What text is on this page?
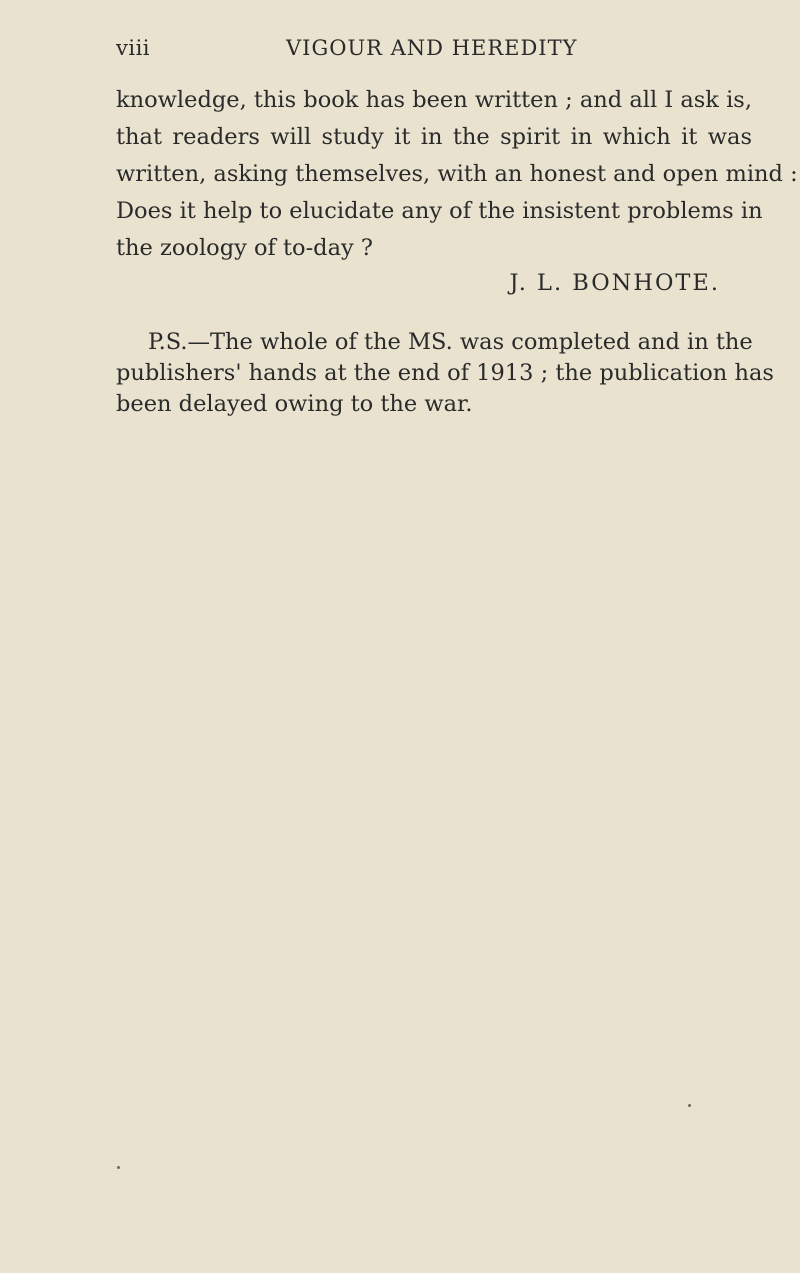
viii	VIGOUR AND HEREDITY
knowledge, this book has been written ; and all I ask is,
that readers will study it in the spirit in which it was
written, asking themselves, with an honest and open mind :
Does it help to elucidate any of the insistent problems in
the zoology of to-day ?
J. L. BONHOTE.
P.S.—The whole of the MS. was completed and in the
publishers' hands at the end of 1913 ; the publication has
been delayed owing to the war.
